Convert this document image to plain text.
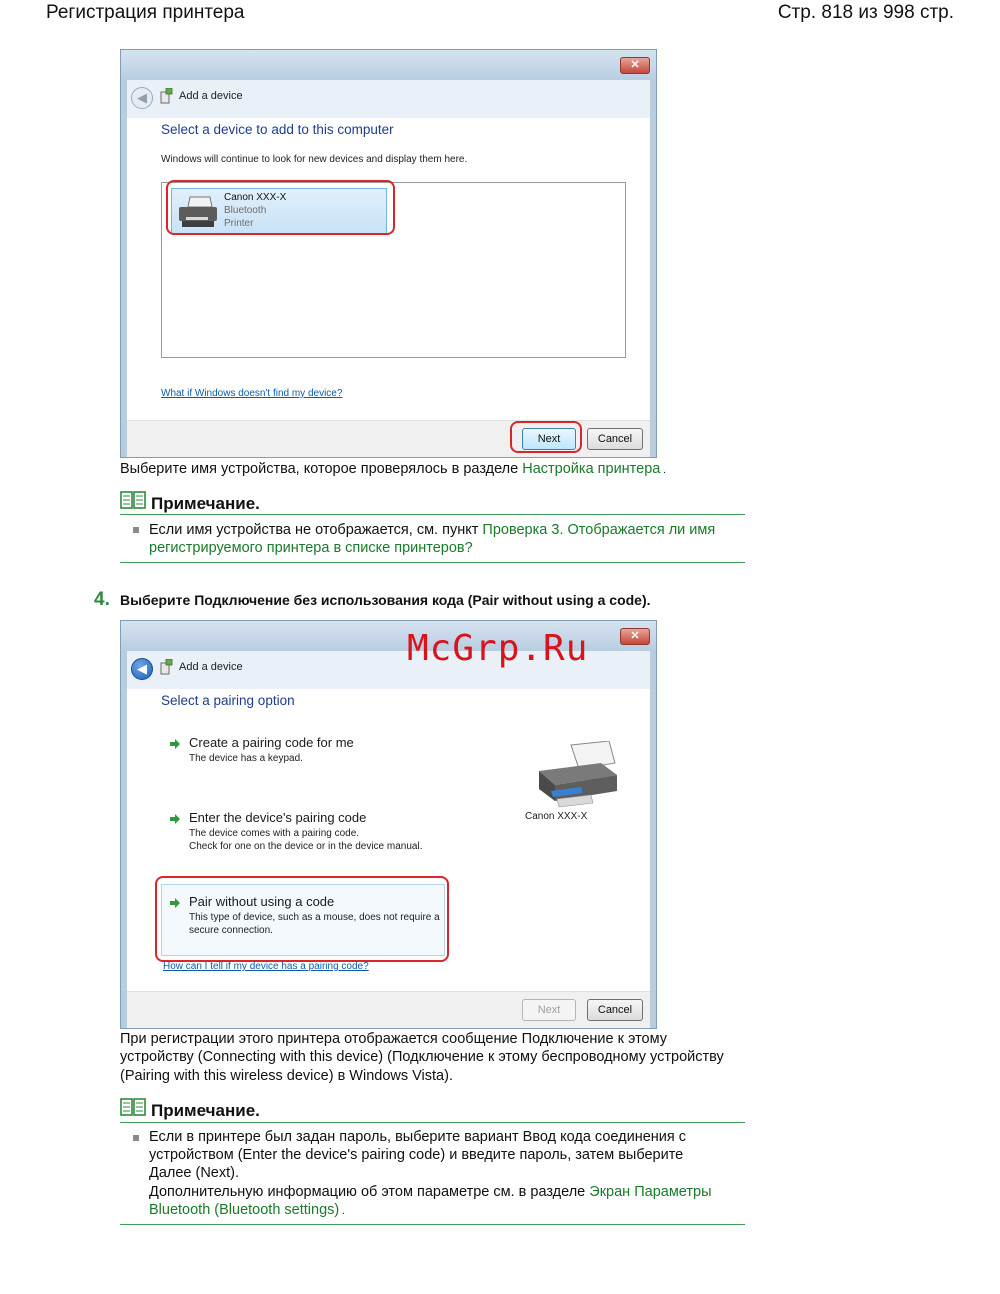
Регистрация принтера	Стр. 818 из 998 стр.
✕
◀	Add a device
Select a device to add to this computer
Windows will continue to look for new devices and display them here.
Canon XXX-X
Bluetooth
Printer
What if Windows doesn't find my device?
Next	Cancel
Выберите имя устройства, которое проверялось в разделе Настройка принтера .
Примечание.
Если имя устройства не отображается, см. пункт Проверка 3. Отображается ли имя
регистрируемого принтера в списке принтеров?
4. Выберите Подключение без использования кода (Pair without using a code).
✕
◀	Add a device
Select a pairing option
Create a pairing code for me
The device has a keypad.
Enter the device's pairing code
The device comes with a pairing code.
Check for one on the device or in the device manual.
Pair without using a code
This type of device, such as a mouse, does not require a
secure connection.
Canon XXX-X
How can I tell if my device has a pairing code?
Next	Cancel
McGrp.Ru
При регистрации этого принтера отображается сообщение Подключение к этому
устройству (Connecting with this device) (Подключение к этому беспроводному устройству
(Pairing with this wireless device) в Windows Vista).
Примечание.
Если в принтере был задан пароль, выберите вариант Ввод кода соединения с
устройством (Enter the device's pairing code) и введите пароль, затем выберите
Далее (Next).
Дополнительную информацию об этом параметре см. в разделе Экран Параметры
Bluetooth (Bluetooth settings) .
